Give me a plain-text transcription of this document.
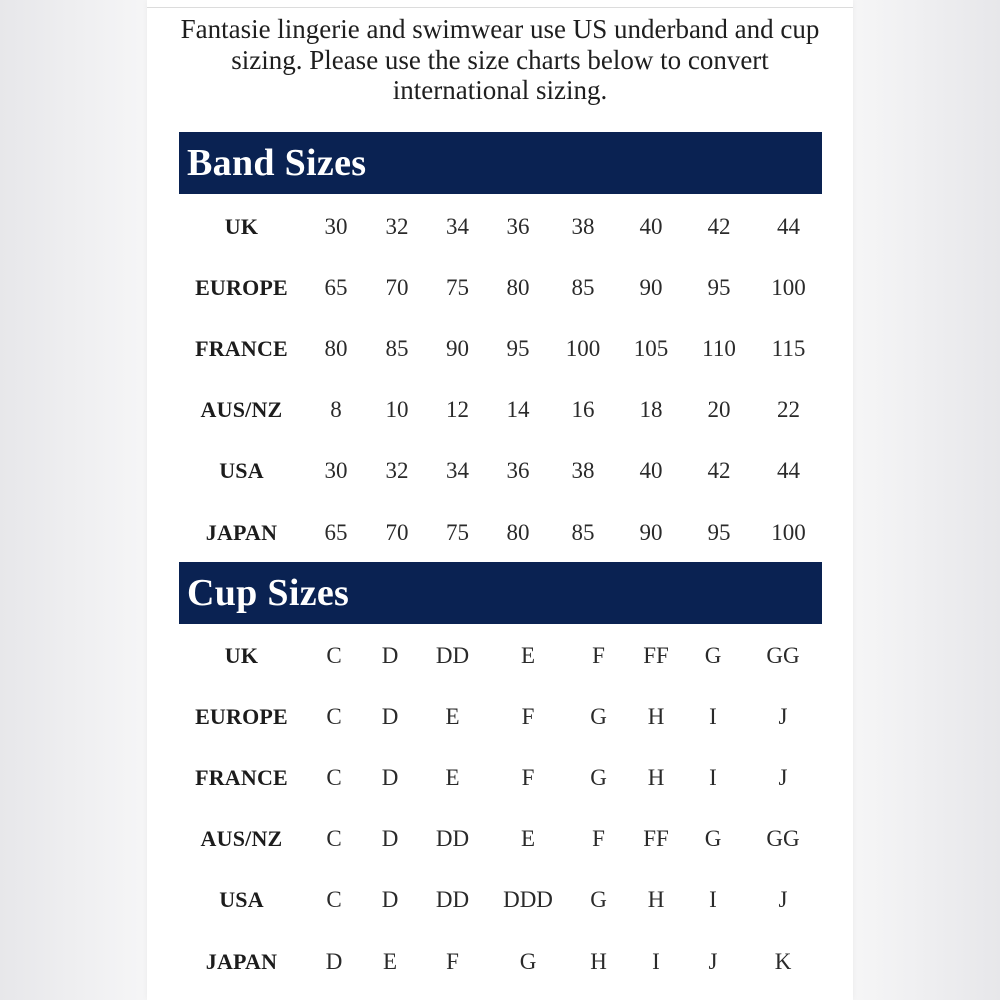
Fantasie lingerie and swimwear use US underband and cup sizing. Please use the size charts below to convert international sizing.

Band Sizes
UK	30	32	34	36	38	40	42	44
EUROPE	65	70	75	80	85	90	95	100
FRANCE	80	85	90	95	100	105	110	115
AUS/NZ	8	10	12	14	16	18	20	22
USA	30	32	34	36	38	40	42	44
JAPAN	65	70	75	80	85	90	95	100
Cup Sizes
UK	C	D	DD	E	F	FF	G	GG
EUROPE	C	D	E	F	G	H	I	J
FRANCE	C	D	E	F	G	H	I	J
AUS/NZ	C	D	DD	E	F	FF	G	GG
USA	C	D	DD	DDD	G	H	I	J
JAPAN	D	E	F	G	H	I	J	K
